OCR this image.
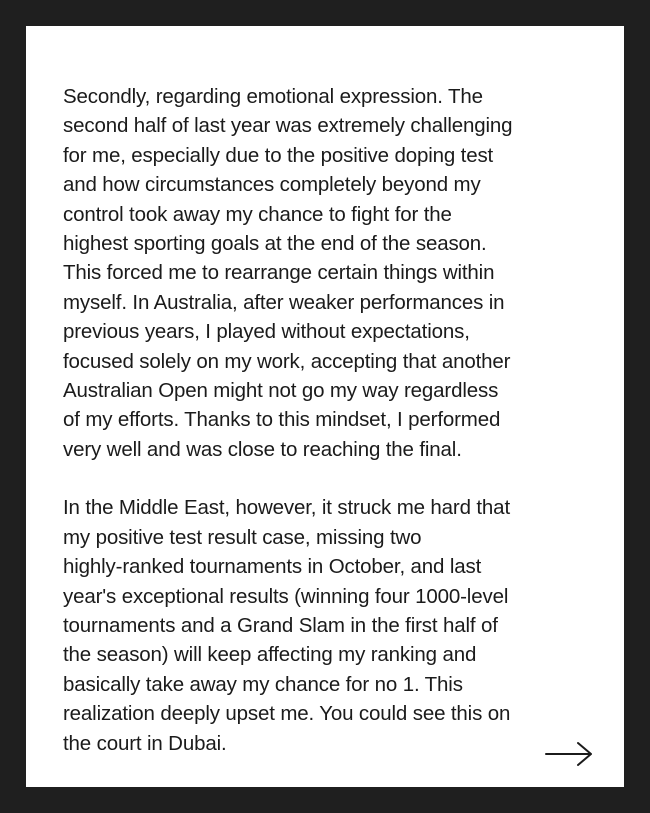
Secondly, regarding emotional expression. The
second half of last year was extremely challenging
for me, especially due to the positive doping test
and how circumstances completely beyond my
control took away my chance to fight for the
highest sporting goals at the end of the season.
This forced me to rearrange certain things within
myself. In Australia, after weaker performances in
previous years, I played without expectations,
focused solely on my work, accepting that another
Australian Open might not go my way regardless
of my efforts. Thanks to this mindset, I performed
very well and was close to reaching the final.

In the Middle East, however, it struck me hard that
my positive test result case, missing two
highly-ranked tournaments in October, and last
year's exceptional results (winning four 1000-level
tournaments and a Grand Slam in the first half of
the season) will keep affecting my ranking and
basically take away my chance for no 1. This
realization deeply upset me. You could see this on
the court in Dubai.
